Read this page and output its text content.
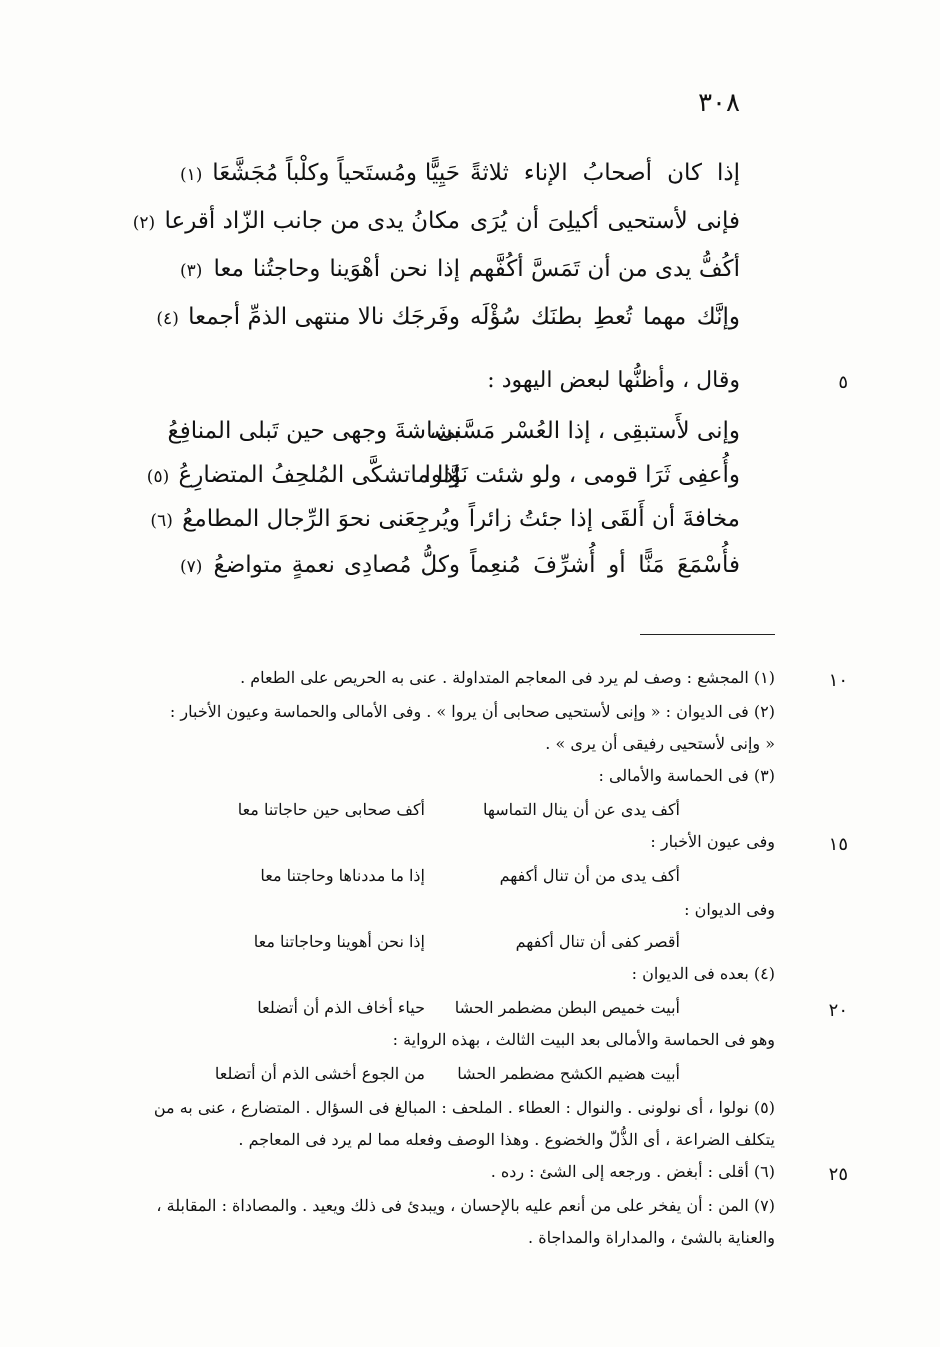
٣٠٨
إذا كان أصحابُ الإناء ثلاثةً
حَيِيًّا ومُستَحياً وكلْباً مُجَشَّعَا (١)
فإنى لأستحيى أكيلِىَ أن يُرَى
مكانُ يدى من جانب الزّاد أقرعا (٢)
أكُفُّ يدى من أن تَمَسَّ أكُفَّهم
إذا نحن أهْوَينا وحاجتُنا معا (٣)
وإنَّك مهما تُعطِ بطنَك سُؤْلَه
وفَرجَك نالا منتهى الذمِّ أجمعا (٤)
٥
وقال ، وأظنُّها لبعض اليهود :
وإنى لأَستبقِى ، إذا العُسْر مَسَّنى،
بشاشةَ وجهى حين تَبلى المنافِعُ
وأُعفِى ثَرَا قومى ، ولو شئت نَوَّلوا
إذا ماتشكَّى المُلحِفُ المتضارِعُ (٥)
مخافةَ أن أَلقَى إذا جئتُ زائراً
ويُرجِعَنى نحوَ الرِّجال المطامعُ (٦)
فأُسْمَعَ مَنًّا أو أُشرِّفَ مُنعِماً
وكلُّ مُصادِى نعمةٍ متواضعُ (٧)
١٠
(١) المجشع : وصف لم يرد فى المعاجم المتداولة . عنى به الحريص على الطعام .
(٢) فى الديوان : « وإنى لأستحيى صحابى أن يروا » . وفى الأمالى والحماسة وعيون الأخبار :
« وإنى لأستحيى رفيقى أن يرى » .
(٣) فى الحماسة والأمالى :
أكف يدى عن أن ينال التماسها
أكف صحابى حين حاجاتنا معا
١٥
وفى عيون الأخبار :
أكف يدى من أن تنال أكفهم
إذا ما مددناها وحاجتنا معا
وفى الديوان :
أقصر كفى أن تنال أكفهم
إذا نحن أهوينا وحاجاتنا معا
(٤) بعده فى الديوان :
٢٠
أبيت خميص البطن مضطمر الحشا
حياء أخاف الذم أن أتضلعا
وهو فى الحماسة والأمالى بعد البيت الثالث ، بهذه الرواية :
أبيت هضيم الكشح مضطمر الحشا
من الجوع أخشى الذم أن أتضلعا
(٥) نولوا ، أى نولونى . والنوال : العطاء . الملحف : المبالغ فى السؤال . المتضارع ، عنى به من
يتكلف الضراعة ، أى الذُّلّ والخضوع . وهذا الوصف وفعله مما لم يرد فى المعاجم .
٢٥
(٦) أقلى : أبغض . ورجعه إلى الشئ : رده .
(٧) المن : أن يفخر على من أنعم عليه بالإحسان ، ويبدئ فى ذلك ويعيد . والمصاداة : المقابلة ،
والعناية بالشئ ، والمداراة والمداجاة .
